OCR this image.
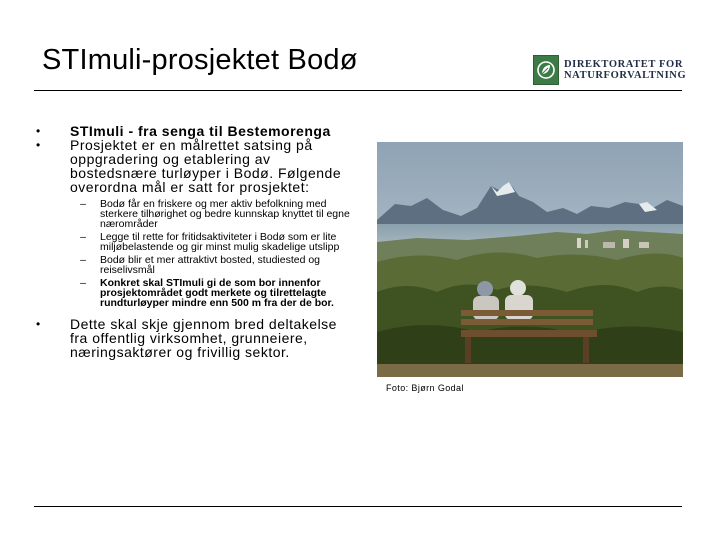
STImuli-prosjektet Bodø	DIREKTORATET FOR
NATURFORVALTNING
•	STImuli - fra senga til Bestemorenga
•	Prosjektet er en målrettet satsing på oppgradering og etablering av bostedsnære turløyper i Bodø. Følgende overordna mål er satt for prosjektet:
–	Bodø får en friskere og mer aktiv befolkning med sterkere tilhørighet og bedre kunnskap knyttet til egne nærområder
–	Legge til rette for fritidsaktiviteter i Bodø som er lite miljøbelastende og gir minst mulig skadelige utslipp
–	Bodø blir et mer attraktivt bosted, studiested og reiselivsmål
–	Konkret skal STImuli gi de som bor innenfor prosjektområdet godt merkete og tilrettelagte rundturløyper mindre enn 500 m fra der de bor.
•	Dette skal skje gjennom bred deltakelse fra offentlig virksomhet, grunneiere, næringsaktører og frivillig sektor.
Foto: Bjørn Godal
